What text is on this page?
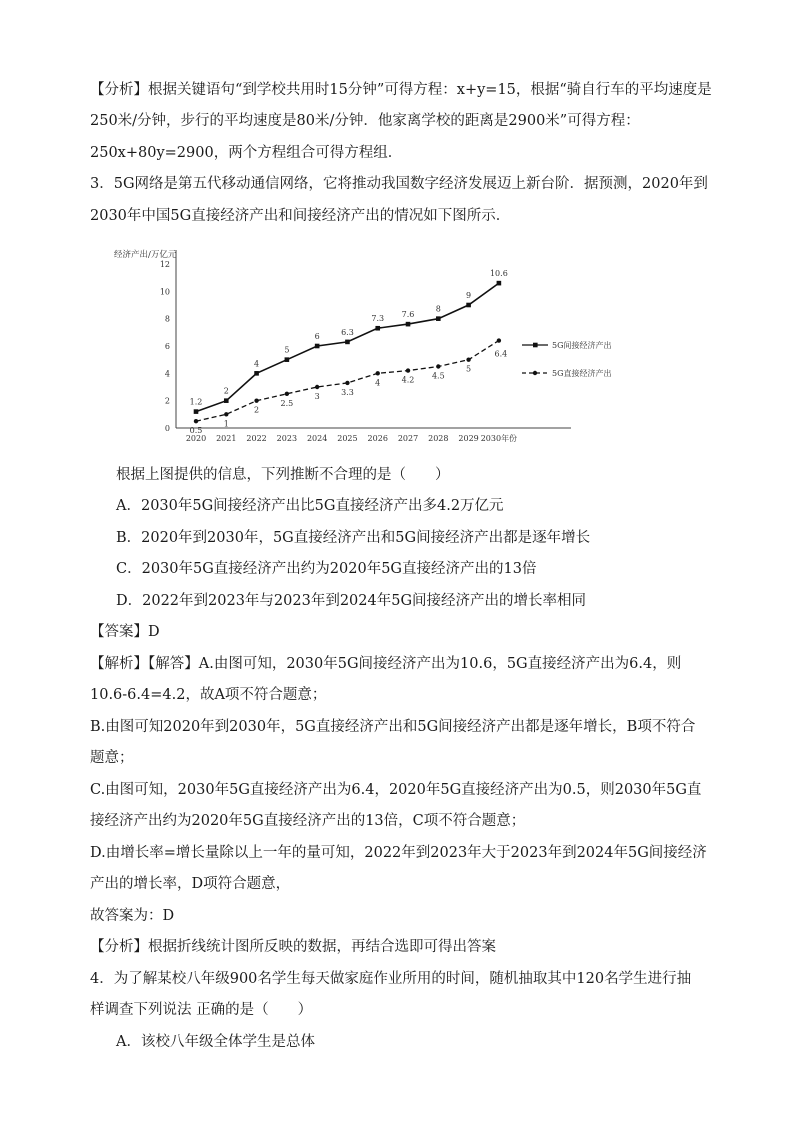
【分析】根据关键语句“到学校共用时15分钟”可得方程：x+y=15，根据“骑自行车的平均速度是
250米/分钟，步行的平均速度是80米/分钟．他家离学校的距离是2900米”可得方程：
250x+80y=2900，两个方程组合可得方程组．
3．5G网络是第五代移动通信网络，它将推动我国数字经济发展迈上新台阶．据预测，2020年到
2030年中国5G直接经济产出和间接经济产出的情况如下图所示．
经济产出/万亿元
0
2
4
6
8
10
12
2020 2021 2022 2023 2024 2025 2026 2027 2028 2029 2030年份
1.2
2
4
5
6	6.3
7.3 7.6
8
9
10.6
5G间接经济产出
0.5
1
2
2.5
3	3.3
4	4.2 4.5
5
6.4
5G直接经济产出
根据上图提供的信息，下列推断不合理的是（　　）
A．2030年5G间接经济产出比5G直接经济产出多4.2万亿元
B．2020年到2030年，5G直接经济产出和5G间接经济产出都是逐年增长
C．2030年5G直接经济产出约为2020年5G直接经济产出的13倍
D．2022年到2023年与2023年到2024年5G间接经济产出的增长率相同
【答案】D
【解析】【解答】A.由图可知，2030年5G间接经济产出为10.6，5G直接经济产出为6.4，则
10.6-6.4=4.2，故A项不符合题意；
B.由图可知2020年到2030年，5G直接经济产出和5G间接经济产出都是逐年增长，B项不符合
题意；
C.由图可知，2030年5G直接经济产出为6.4，2020年5G直接经济产出为0.5，则2030年5G直
接经济产出约为2020年5G直接经济产出的13倍，C项不符合题意；
D.由增长率=增长量除以上一年的量可知，2022年到2023年大于2023年到2024年5G间接经济
产出的增长率，D项符合题意，
故答案为：D
【分析】根据折线统计图所反映的数据，再结合选即可得出答案
4．为了解某校八年级900名学生每天做家庭作业所用的时间，随机抽取其中120名学生进行抽
样调查下列说法 正确的是（　　）
A．该校八年级全体学生是总体
